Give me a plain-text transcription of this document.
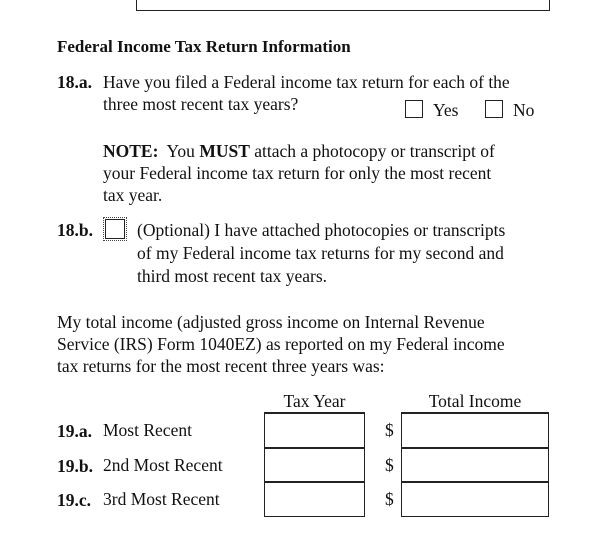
Federal Income Tax Return Information
18.a. Have you filed a Federal income tax return for each of the
three most recent tax years?	Yes	No
NOTE: You MUST attach a photocopy or transcript of
your Federal income tax return for only the most recent
tax year.
18.b.	(Optional) I have attached photocopies or transcripts
of my Federal income tax returns for my second and
third most recent tax years.
My total income (adjusted gross income on Internal Revenue
Service (IRS) Form 1040EZ) as reported on my Federal income
tax returns for the most recent three years was:
Tax Year	Total Income
19.a. Most Recent	$
19.b. 2nd Most Recent	$
19.c. 3rd Most Recent	$
